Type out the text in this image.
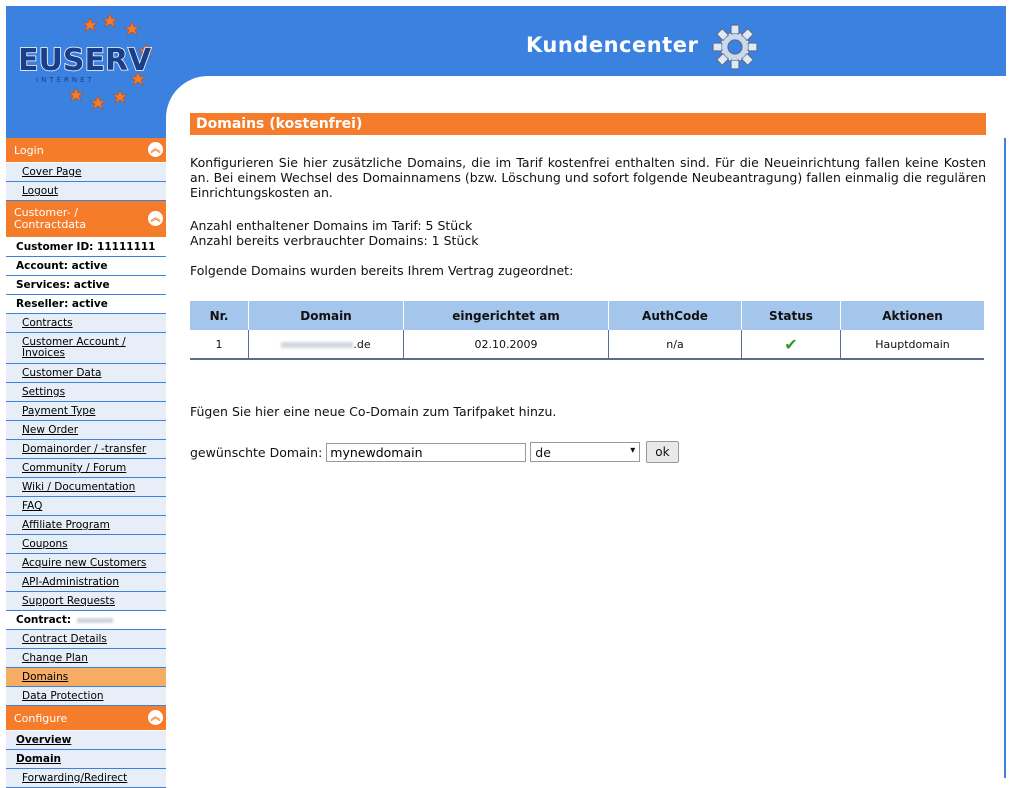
EUSERV
INTERNET
Kundencenter
Login	︽
Cover Page
Logout
Customer- / Contractdata	︽
Customer ID: 11111111
Account: active
Services: active
Reseller: active
Contracts
Customer Account / Invoices
Customer Data
Settings
Payment Type
New Order
Domainorder / -transfer
Community / Forum
Wiki / Documentation
FAQ
Affiliate Program
Coupons
Acquire new Customers
API-Administration
Support Requests
Contract:
Contract Details
Change Plan
Domains
Data Protection
Configure	︽
Overview
Domain
Forwarding/Redirect
Domains (kostenfrei)
Konfigurieren Sie hier zusätzliche Domains, die im Tarif kostenfrei enthalten sind. Für die Neueinrichtung fallen keine Kosten an. Bei einem Wechsel des Domainnamens (bzw. Löschung und sofort folgende Neubeantragung) fallen einmalig die regulären Einrichtungskosten an.
Anzahl enthaltener Domains im Tarif: 5 Stück
Anzahl bereits verbrauchter Domains: 1 Stück
Folgende Domains wurden bereits Ihrem Vertrag zugeordnet:
Nr.	Domain	eingerichtet am	AuthCode	Status	Aktionen
1	.de	02.10.2009	n/a	✔	Hauptdomain
Fügen Sie hier eine neue Co-Domain zum Tarifpaket hinzu.
gewünschte Domain:
mynewdomain	de	▾	ok
